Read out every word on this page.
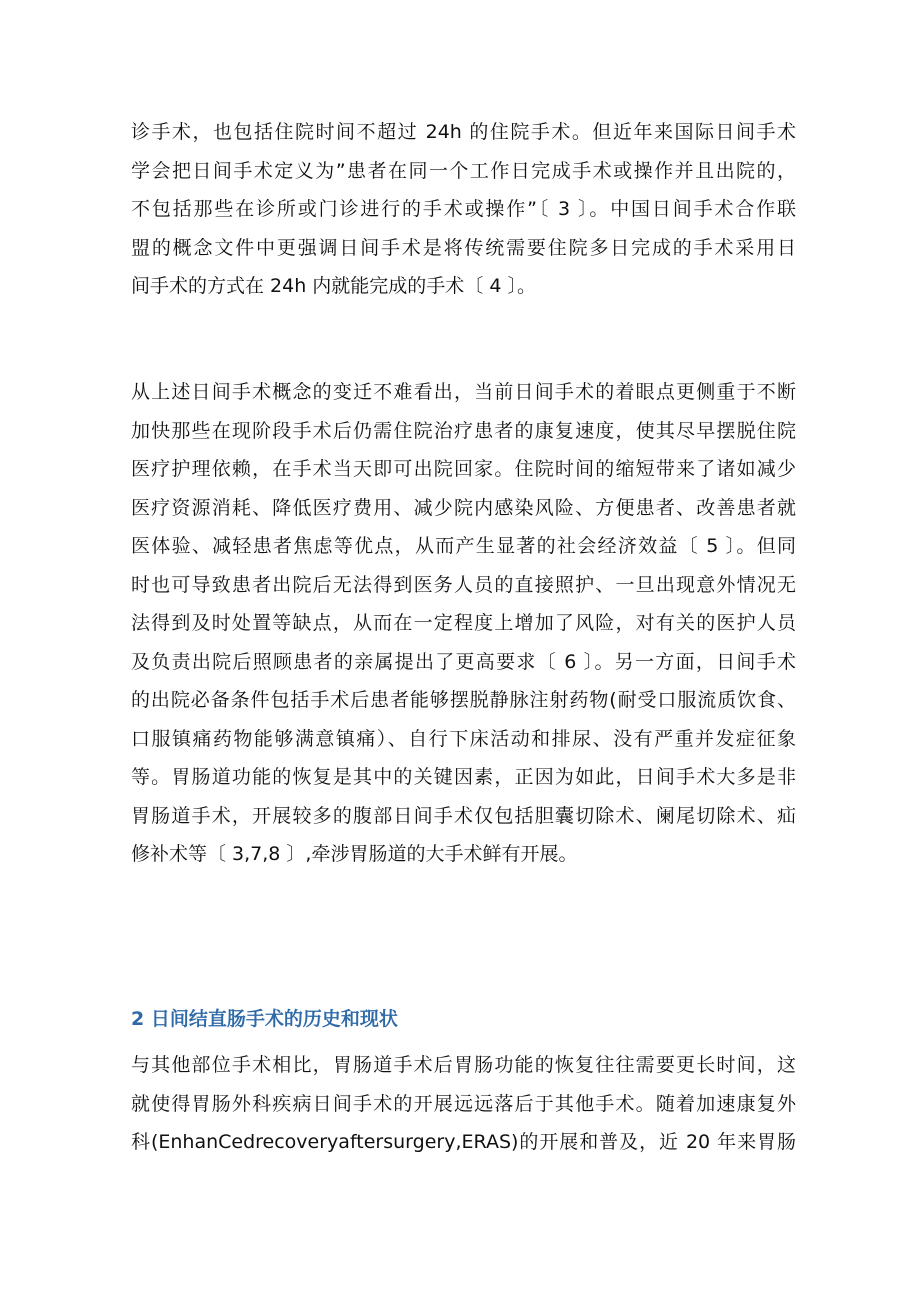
诊手术，也包括住院时间不超过 24h 的住院手术。但近年来国际日间手术
学会把日间手术定义为”患者在同一个工作日完成手术或操作并且出院的，
不包括那些在诊所或门诊进行的手术或操作”〔 3 〕。中国日间手术合作联
盟的概念文件中更强调日间手术是将传统需要住院多日完成的手术采用日
间手术的方式在 24h 内就能完成的手术〔 4 〕。
从上述日间手术概念的变迁不难看出，当前日间手术的着眼点更侧重于不断
加快那些在现阶段手术后仍需住院治疗患者的康复速度，使其尽早摆脱住院
医疗护理依赖，在手术当天即可出院回家。住院时间的缩短带来了诸如减少
医疗资源消耗、降低医疗费用、减少院内感染风险、方便患者、改善患者就
医体验、减轻患者焦虑等优点，从而产生显著的社会经济效益〔 5 〕。但同
时也可导致患者出院后无法得到医务人员的直接照护、一旦出现意外情况无
法得到及时处置等缺点，从而在一定程度上增加了风险，对有关的医护人员
及负责出院后照顾患者的亲属提出了更高要求〔 6 〕。另一方面，日间手术
的出院必备条件包括手术后患者能够摆脱静脉注射药物(耐受口服流质饮食、
口服镇痛药物能够满意镇痛）、自行下床活动和排尿、没有严重并发症征象
等。胃肠道功能的恢复是其中的关键因素，正因为如此，日间手术大多是非
胃肠道手术，开展较多的腹部日间手术仅包括胆囊切除术、阑尾切除术、疝
修补术等〔 3,7,8 〕,牵涉胃肠道的大手术鲜有开展。
2 日间结直肠手术的历史和现状
与其他部位手术相比，胃肠道手术后胃肠功能的恢复往往需要更长时间，这
就使得胃肠外科疾病日间手术的开展远远落后于其他手术。随着加速康复外
科(EnhanCedrecoveryaftersurgery,ERAS)的开展和普及，近 20 年来胃肠
